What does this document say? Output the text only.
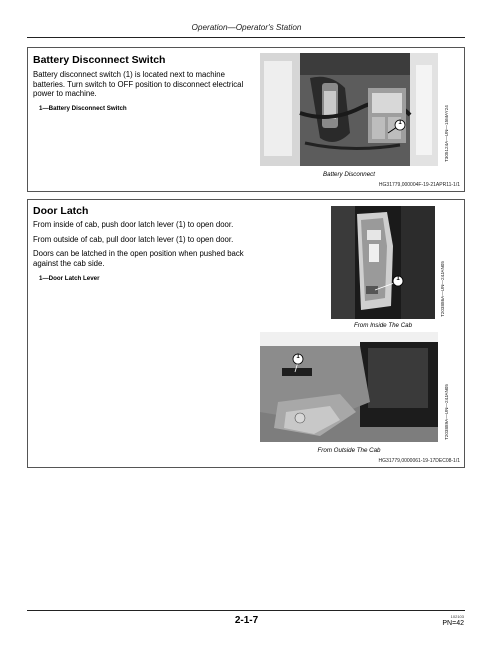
Operation—Operator's Station
Battery Disconnect Switch

Battery disconnect switch (1) is located next to machine batteries. Turn switch to OFF position to disconnect electrical power to machine.

1—Battery Disconnect Switch
1	T305124A—UN—15MAY24
Battery Disconnect
HG31779,000004F-19-21APR11-1/1
Door Latch

From inside of cab, push door latch lever (1) to open door.

From outside of cab, pull door latch lever (1) to open door.

Doors can be latched in the open position when pushed back against the cab side.

1—Door Latch Lever	1	T203886A—UN—24JAN05
From Inside The Cab
1
T203889A—UN—24JAN05
From Outside The Cab
HG31779,0000061-19-17DEC08-1/1
2-1-7	102103
PN=42
